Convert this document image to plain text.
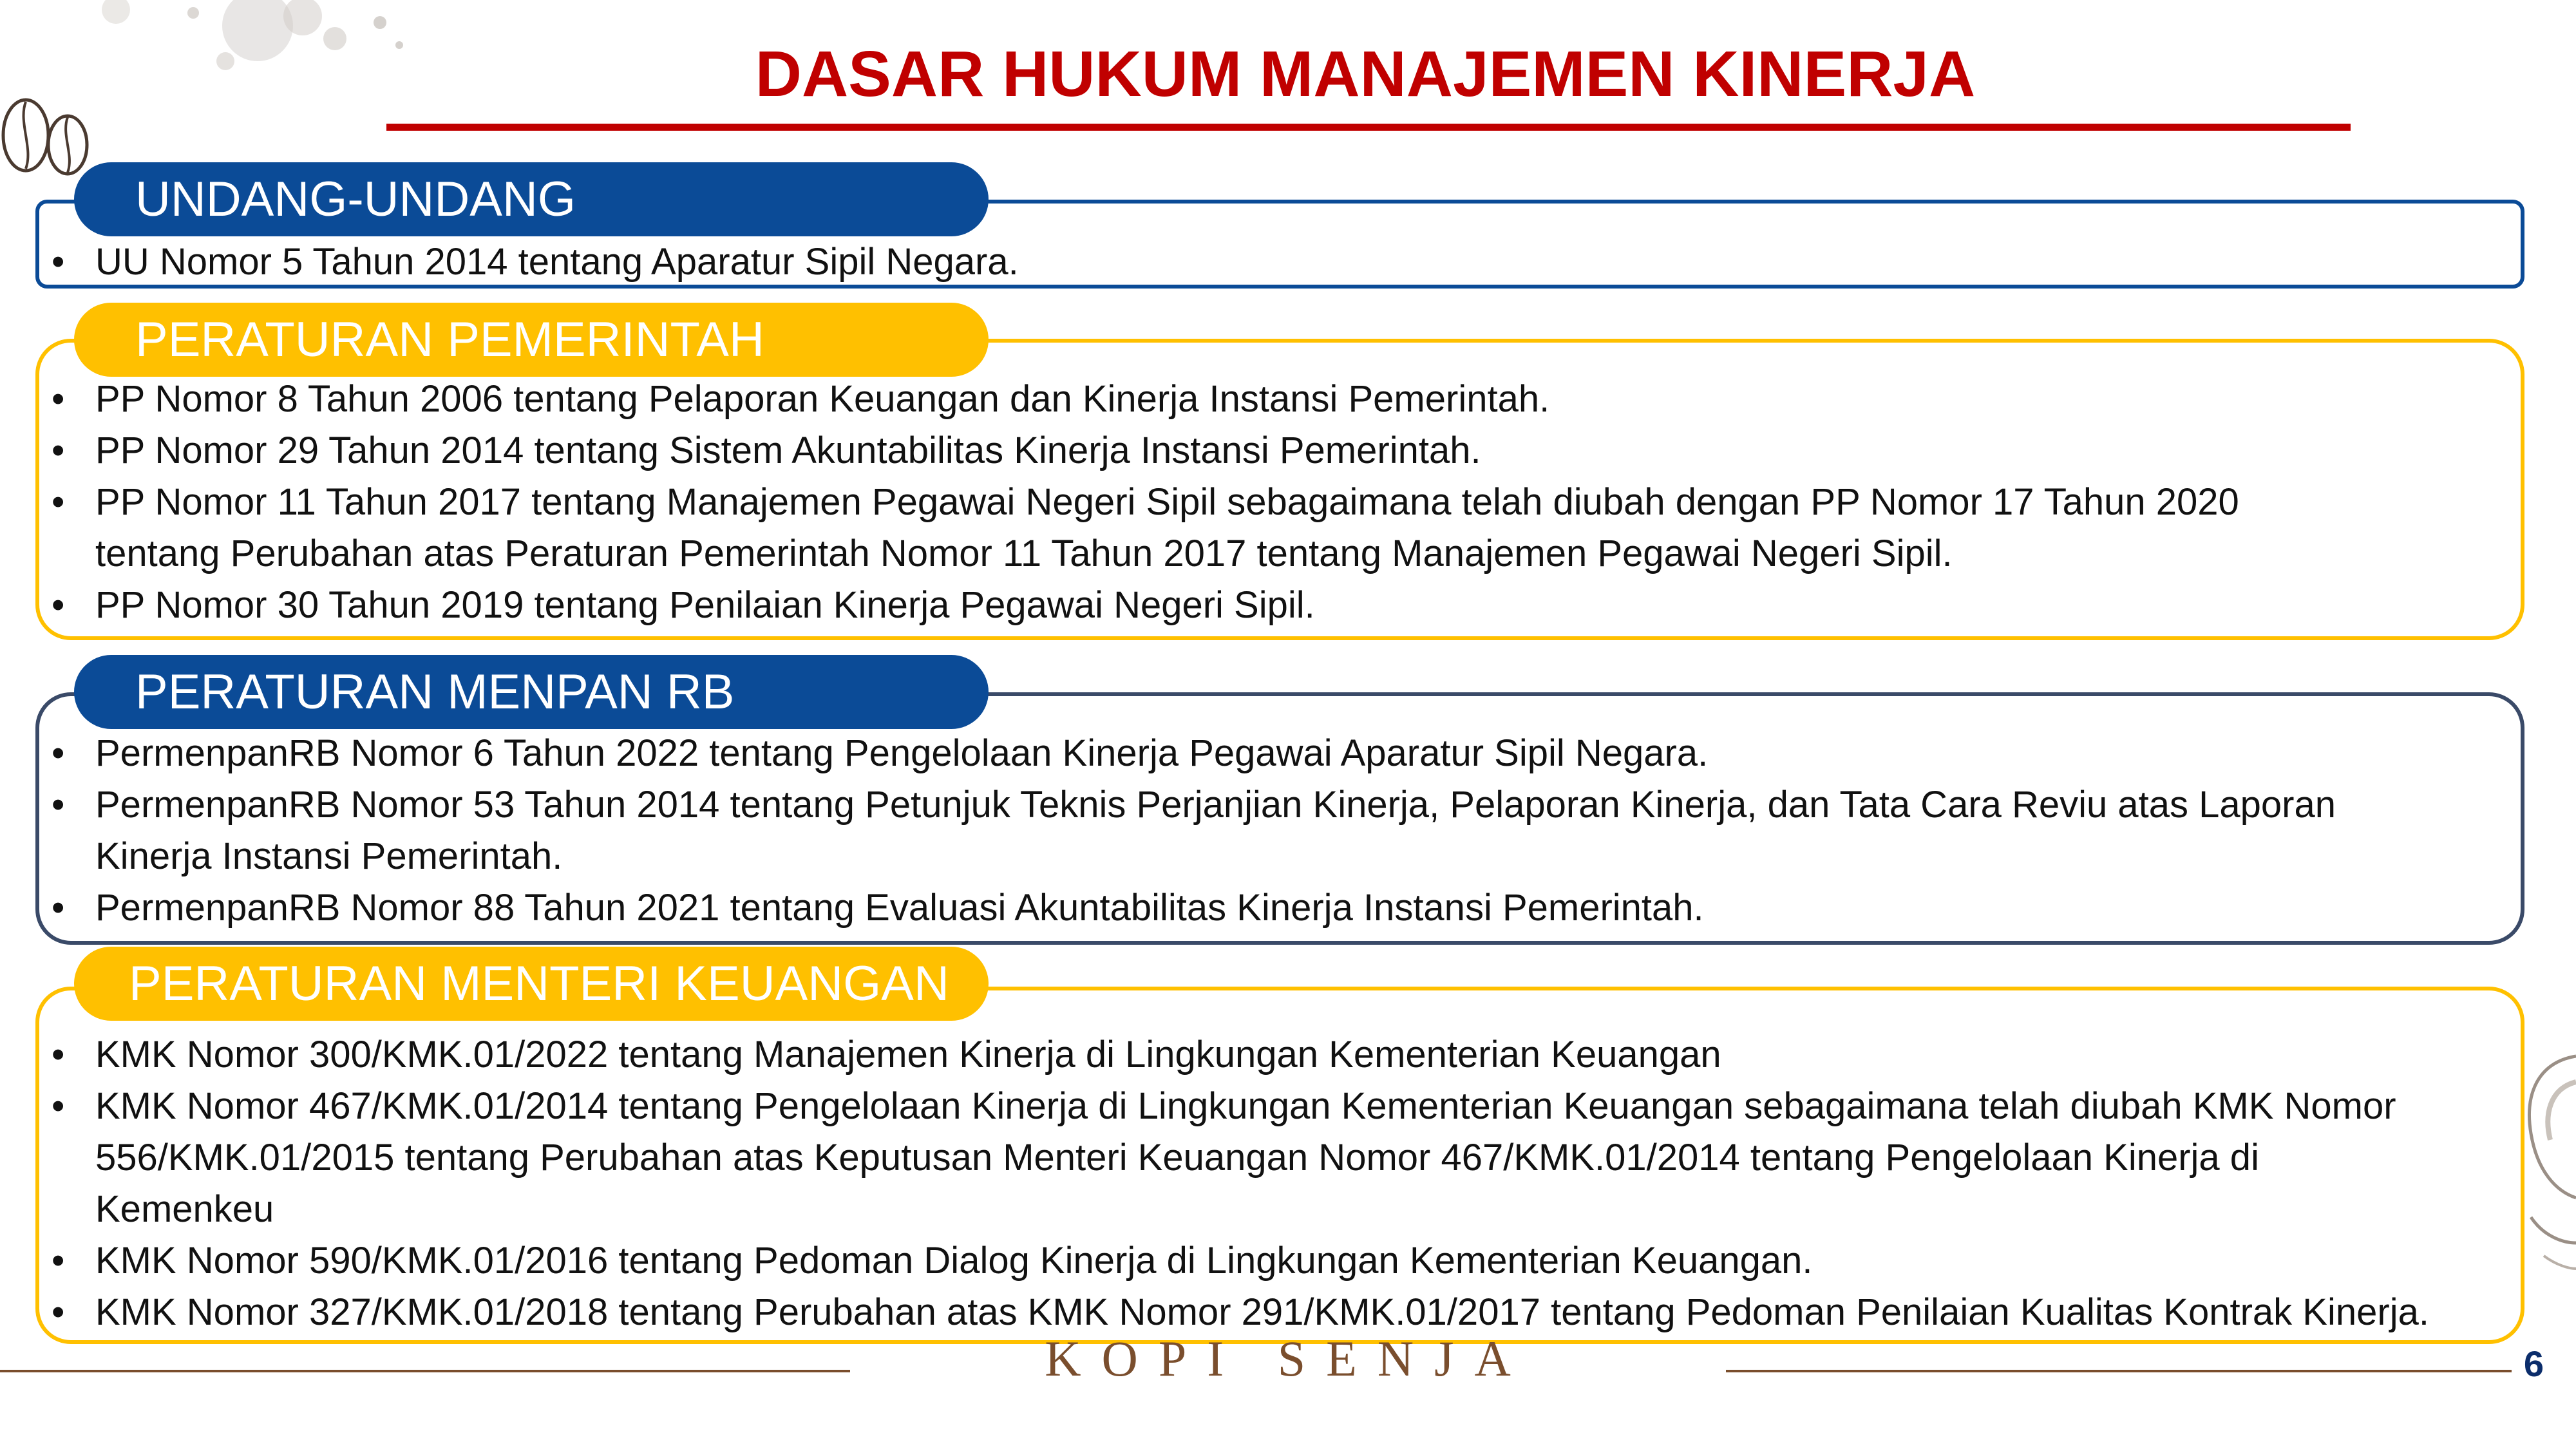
DASAR HUKUM MANAJEMEN KINERJA
UNDANG-UNDANG
• UU Nomor 5 Tahun 2014 tentang Aparatur Sipil Negara.
PERATURAN PEMERINTAH
• PP Nomor 8 Tahun 2006 tentang Pelaporan Keuangan dan Kinerja Instansi Pemerintah.
• PP Nomor 29 Tahun 2014 tentang Sistem Akuntabilitas Kinerja Instansi Pemerintah.
• PP Nomor 11 Tahun 2017 tentang Manajemen Pegawai Negeri Sipil sebagaimana telah diubah dengan PP Nomor 17 Tahun 2020
tentang Perubahan atas Peraturan Pemerintah Nomor 11 Tahun 2017 tentang Manajemen Pegawai Negeri Sipil.
• PP Nomor 30 Tahun 2019 tentang Penilaian Kinerja Pegawai Negeri Sipil.
PERATURAN MENPAN RB
• PermenpanRB Nomor 6 Tahun 2022 tentang Pengelolaan Kinerja Pegawai Aparatur Sipil Negara.
• PermenpanRB Nomor 53 Tahun 2014 tentang Petunjuk Teknis Perjanjian Kinerja, Pelaporan Kinerja, dan Tata Cara Reviu atas Laporan
Kinerja Instansi Pemerintah.
• PermenpanRB Nomor 88 Tahun 2021 tentang Evaluasi Akuntabilitas Kinerja Instansi Pemerintah.
PERATURAN MENTERI KEUANGAN
• KMK Nomor 300/KMK.01/2022 tentang Manajemen Kinerja di Lingkungan Kementerian Keuangan
• KMK Nomor 467/KMK.01/2014 tentang Pengelolaan Kinerja di Lingkungan Kementerian Keuangan sebagaimana telah diubah KMK Nomor
556/KMK.01/2015 tentang Perubahan atas Keputusan Menteri Keuangan Nomor 467/KMK.01/2014 tentang Pengelolaan Kinerja di
Kemenkeu
• KMK Nomor 590/KMK.01/2016 tentang Pedoman Dialog Kinerja di Lingkungan Kementerian Keuangan.
• KMK Nomor 327/KMK.01/2018 tentang Perubahan atas KMK Nomor 291/KMK.01/2017 tentang Pedoman Penilaian Kualitas Kontrak Kinerja.
KOPI SENJA	6
